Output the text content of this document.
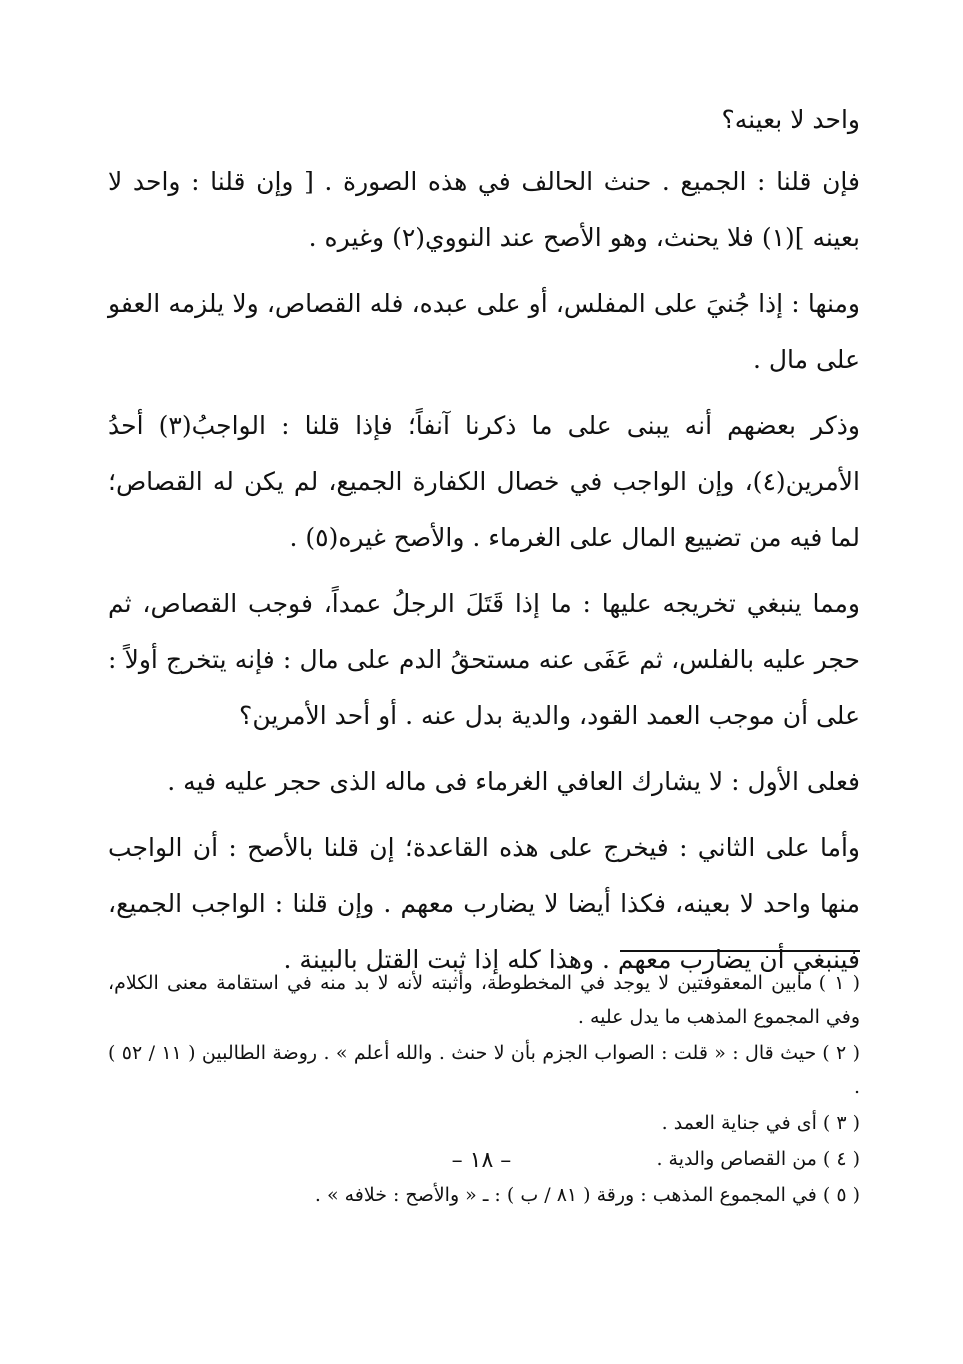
واحد لا بعينه؟

فإن قلنا : الجميع . حنث الحالف في هذه الصورة . [ وإن قلنا : واحد لا بعينه ](١) فلا يحنث، وهو الأصح عند النووي(٢) وغيره .

ومنها : إذا جُنيَ على المفلس، أو على عبده، فله القصاص، ولا يلزمه العفو على مال .

وذكر بعضهم أنه يبنى على ما ذكرنا آنفاً؛ فإذا قلنا : الواجبُ(٣) أحدُ الأمرين(٤)، وإن الواجب في خصال الكفارة الجميع، لم يكن له القصاص؛ لما فيه من تضييع المال على الغرماء . والأصح غيره(٥) .

ومما ينبغي تخريجه عليها : ما إذا قَتَلَ الرجلُ عمداً، فوجب القصاص، ثم حجر عليه بالفلس، ثم عَفَى عنه مستحقُ الدم على مال : فإنه يتخرج أولاً : على أن موجب العمد القود، والدية بدل عنه . أو أحد الأمرين؟

فعلى الأول : لا يشارك العافي الغرماء فى ماله الذى حجر عليه فيه .

وأما على الثاني : فيخرج على هذه القاعدة؛ إن قلنا بالأصح : أن الواجب منها واحد لا بعينه، فكذا أيضا لا يضارب معهم . وإن قلنا : الواجب الجميع، فينبغي أن يضارب معهم . وهذا كله إذا ثبت القتل بالبينة .

( ١ )مابين المعقوفتين لا يوجد في المخطوطة، وأثبته لأنه لا بد منه في استقامة معنى الكلام، وفي المجموع المذهب ما يدل عليه .

( ٢ )حيث قال : « قلت : الصواب الجزم بأن لا حنث . والله أعلم » . روضة الطالبين ( ١١ / ٥٢ ) .

( ٣ )أى في جناية العمد .

( ٤ )من القصاص والدية .

( ٥ )في المجموع المذهب : ورقة ( ٨١ / ب ) : ـ « والأصح : خلافه » .

– ١٨ –
